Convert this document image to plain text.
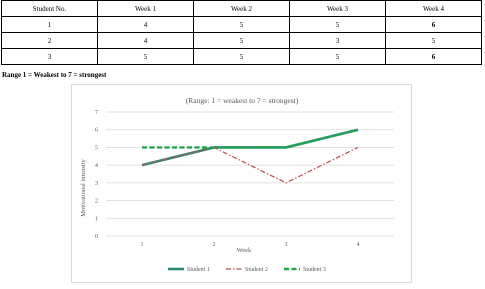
Student No.	Week 1	Week 2	Week 3	Week 4
1	4	5	5	6
2	4	5	3	5
3	5	5	5	6
Range 1 = Weakest to 7 = strongest
(Range: 1 = weakest to 7 = strongest)
0
1
2
3
4
5
6
7
1	2	3	4
Motivational intensity
Week
Student 1	Student 2	Student 3
